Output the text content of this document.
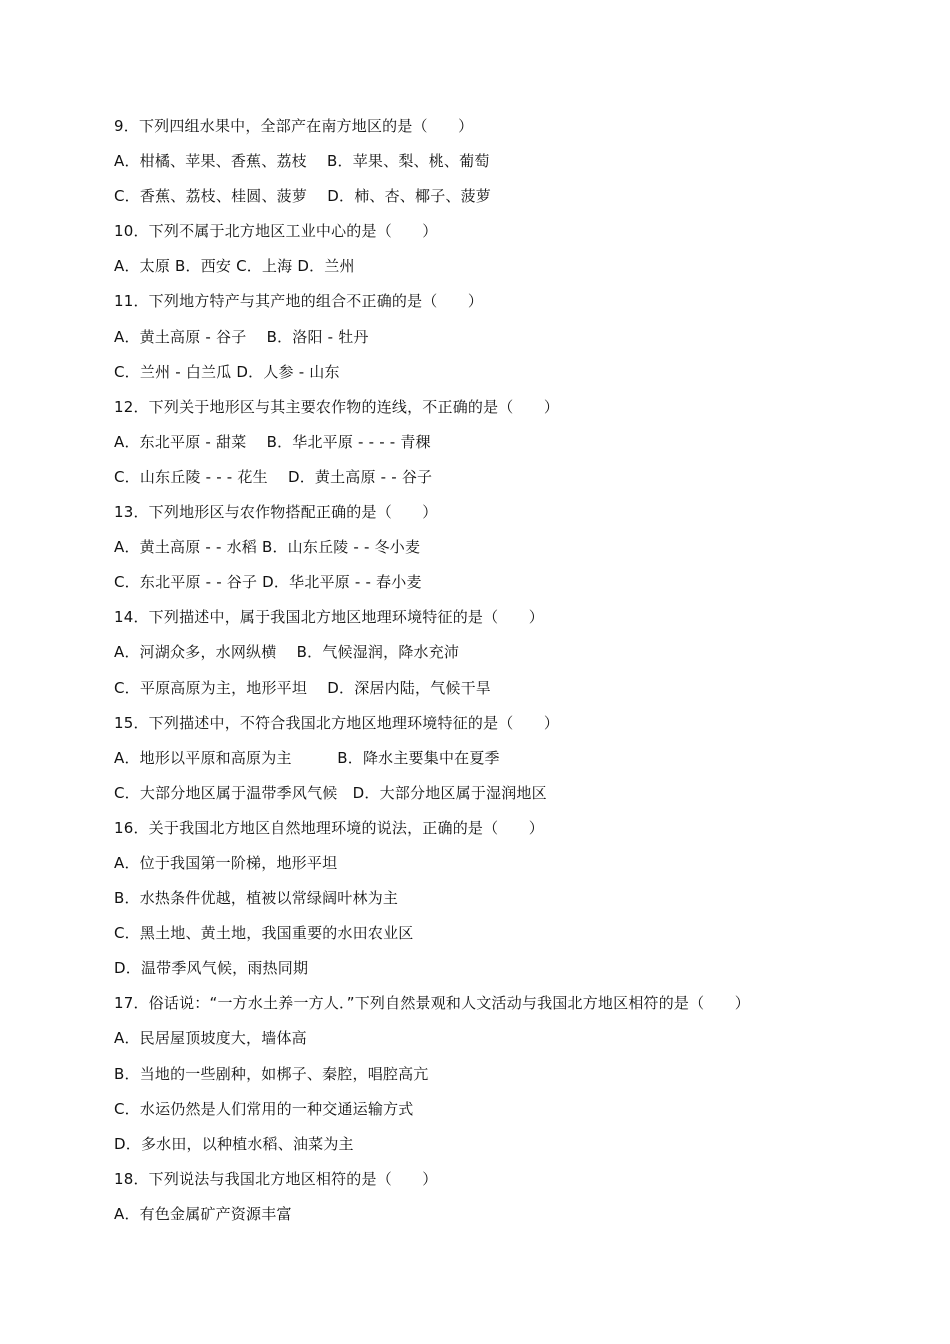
9．下列四组水果中，全部产在南方地区的是（　　）
A．柑橘、苹果、香蕉、荔枝　 B．苹果、梨、桃、葡萄
C．香蕉、荔枝、桂圆、菠萝　 D．柿、杏、椰子、菠萝
10．下列不属于北方地区工业中心的是（　　）
A．太原 B．西安 C．上海 D．兰州
11．下列地方特产与其产地的组合不正确的是（　　）
A．黄土高原 - 谷子　 B．洛阳 - 牡丹
C．兰州 - 白兰瓜 D．人参 - 山东
12．下列关于地形区与其主要农作物的连线，不正确的是（　　）
A．东北平原 - 甜菜　 B．华北平原 - - - - 青稞
C．山东丘陵 - - - 花生　 D．黄土高原 - - 谷子
13．下列地形区与农作物搭配正确的是（　　）
A．黄土高原 - - 水稻 B．山东丘陵 - - 冬小麦
C．东北平原 - - 谷子 D．华北平原 - - 春小麦
14．下列描述中，属于我国北方地区地理环境特征的是（　　）
A．河湖众多，水网纵横　 B．气候湿润，降水充沛
C．平原高原为主，地形平坦　 D．深居内陆，气候干旱
15．下列描述中，不符合我国北方地区地理环境特征的是（　　）
A．地形以平原和高原为主　　　B．降水主要集中在夏季
C．大部分地区属于温带季风气候　D．大部分地区属于湿润地区
16．关于我国北方地区自然地理环境的说法，正确的是（　　）
A．位于我国第一阶梯，地形平坦
B．水热条件优越，植被以常绿阔叶林为主
C．黑土地、黄土地，我国重要的水田农业区
D．温带季风气候，雨热同期
17．俗话说：“一方水土养一方人．”下列自然景观和人文活动与我国北方地区相符的是（　　）
A．民居屋顶坡度大，墙体高
B．当地的一些剧种，如梆子、秦腔，唱腔高亢
C．水运仍然是人们常用的一种交通运输方式
D．多水田，以种植水稻、油菜为主
18．下列说法与我国北方地区相符的是（　　）
A．有色金属矿产资源丰富
